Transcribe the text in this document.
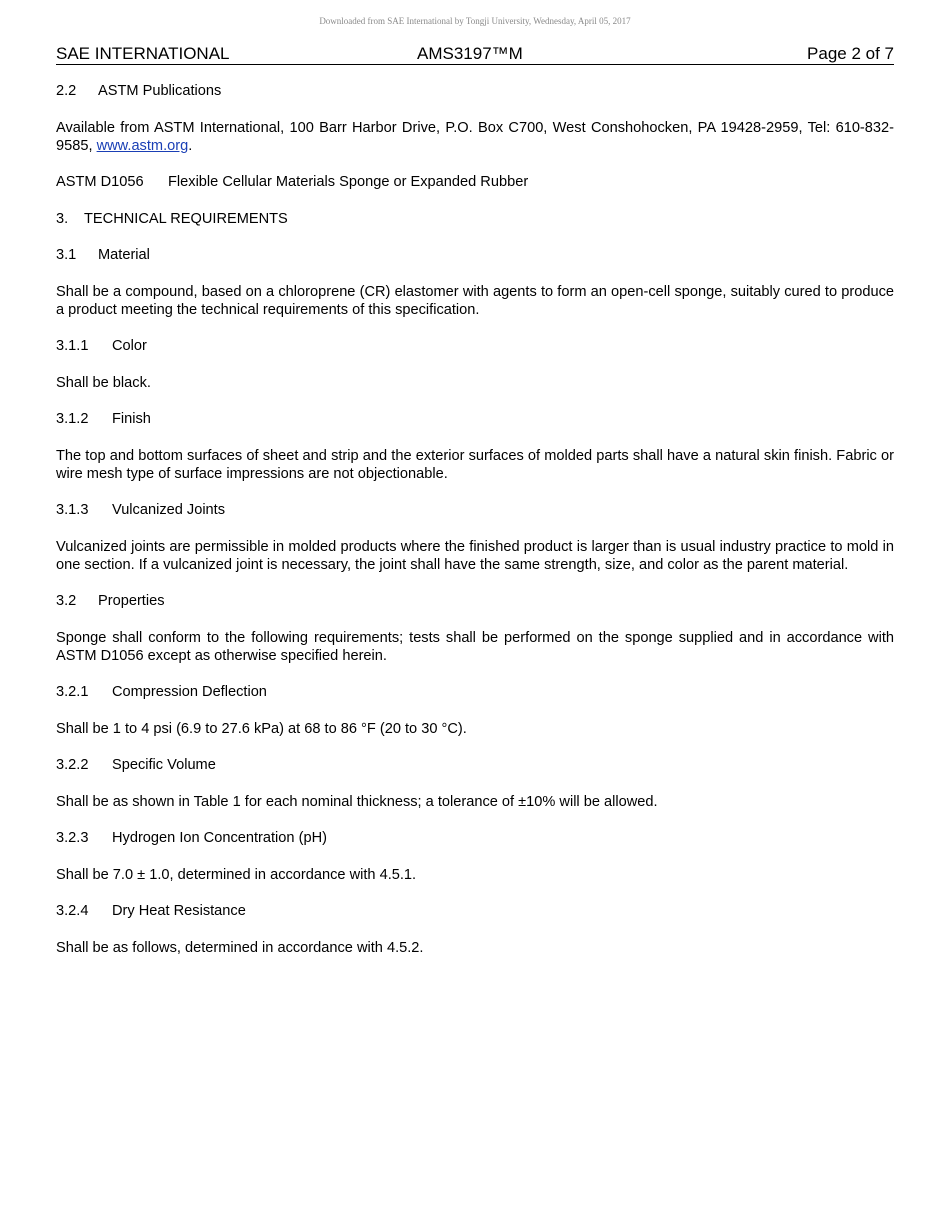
Downloaded from SAE International by Tongji University, Wednesday, April 05, 2017
SAE INTERNATIONAL	AMS3197™M	Page 2 of 7

2.2 ASTM Publications

Available from ASTM International, 100 Barr Harbor Drive, P.O. Box C700, West Conshohocken, PA 19428-2959, Tel: 610-832-9585, www.astm.org.

ASTM D1056 Flexible Cellular Materials Sponge or Expanded Rubber

3. TECHNICAL REQUIREMENTS

3.1 Material

Shall be a compound, based on a chloroprene (CR) elastomer with agents to form an open-cell sponge, suitably cured to produce a product meeting the technical requirements of this specification.

3.1.1 Color

Shall be black.

3.1.2 Finish

The top and bottom surfaces of sheet and strip and the exterior surfaces of molded parts shall have a natural skin finish. Fabric or wire mesh type of surface impressions are not objectionable.

3.1.3 Vulcanized Joints

Vulcanized joints are permissible in molded products where the finished product is larger than is usual industry practice to mold in one section. If a vulcanized joint is necessary, the joint shall have the same strength, size, and color as the parent material.

3.2 Properties

Sponge shall conform to the following requirements; tests shall be performed on the sponge supplied and in accordance with ASTM D1056 except as otherwise specified herein.

3.2.1 Compression Deflection

Shall be 1 to 4 psi (6.9 to 27.6 kPa) at 68 to 86 °F (20 to 30 °C).

3.2.2 Specific Volume

Shall be as shown in Table 1 for each nominal thickness; a tolerance of ±10% will be allowed.

3.2.3 Hydrogen Ion Concentration (pH)

Shall be 7.0 ± 1.0, determined in accordance with 4.5.1.

3.2.4 Dry Heat Resistance

Shall be as follows, determined in accordance with 4.5.2.
